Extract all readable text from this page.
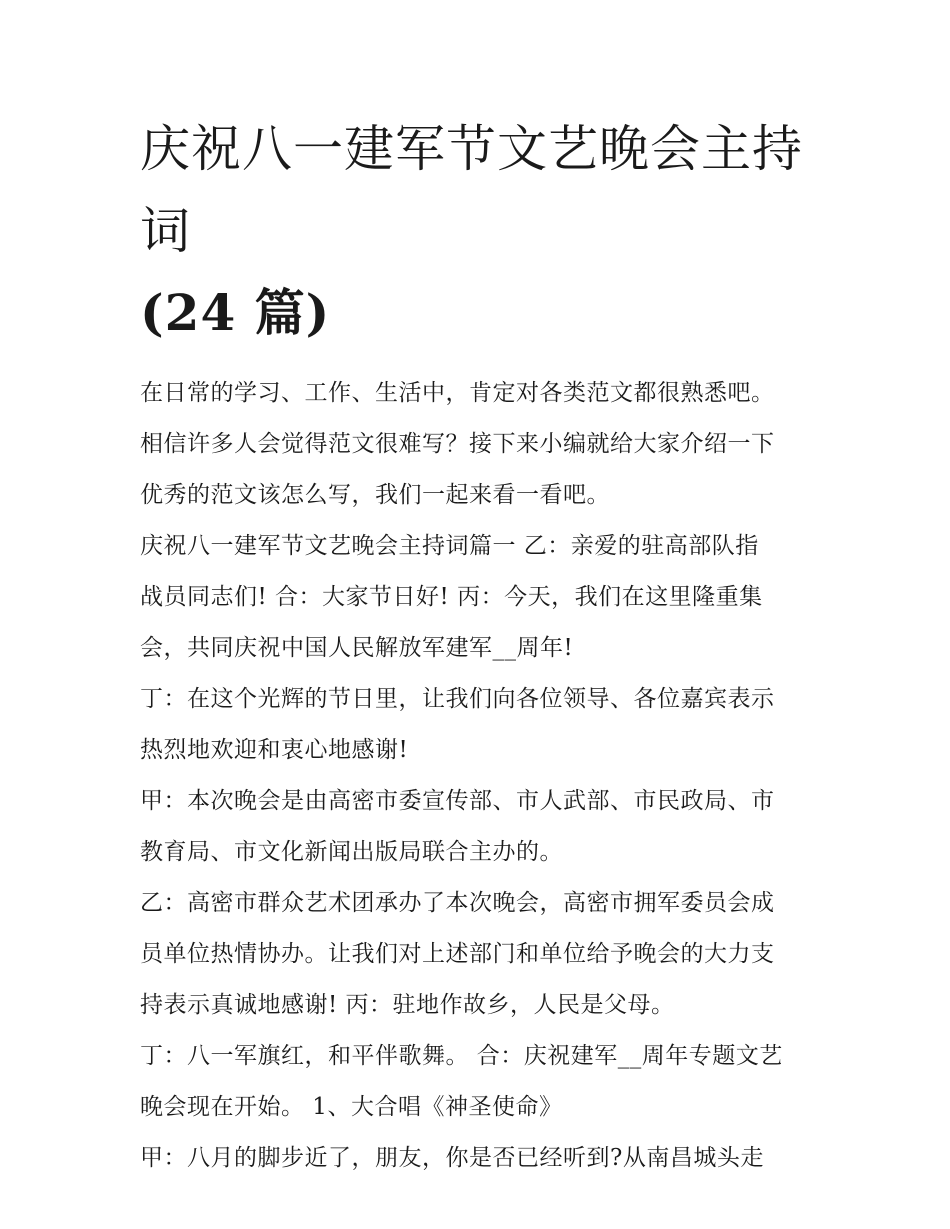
庆祝八一建军节文艺晚会主持词
(24 篇)

在日常的学习、工作、生活中，肯定对各类范文都很熟悉吧。
相信许多人会觉得范文很难写？接下来小编就给大家介绍一下
优秀的范文该怎么写，我们一起来看一看吧。

庆祝八一建军节文艺晚会主持词篇一 乙：亲爱的驻高部队指
战员同志们! 合：大家节日好! 丙：今天，我们在这里隆重集
会，共同庆祝中国人民解放军建军__周年!

丁：在这个光辉的节日里，让我们向各位领导、各位嘉宾表示
热烈地欢迎和衷心地感谢!

甲：本次晚会是由高密市委宣传部、市人武部、市民政局、市
教育局、市文化新闻出版局联合主办的。

乙：高密市群众艺术团承办了本次晚会，高密市拥军委员会成
员单位热情协办。让我们对上述部门和单位给予晚会的大力支
持表示真诚地感谢! 丙：驻地作故乡，人民是父母。

丁：八一军旗红，和平伴歌舞。 合：庆祝建军__周年专题文艺
晚会现在开始。 1、大合唱《神圣使命》

甲：八月的脚步近了，朋友，你是否已经听到?从南昌城头走
